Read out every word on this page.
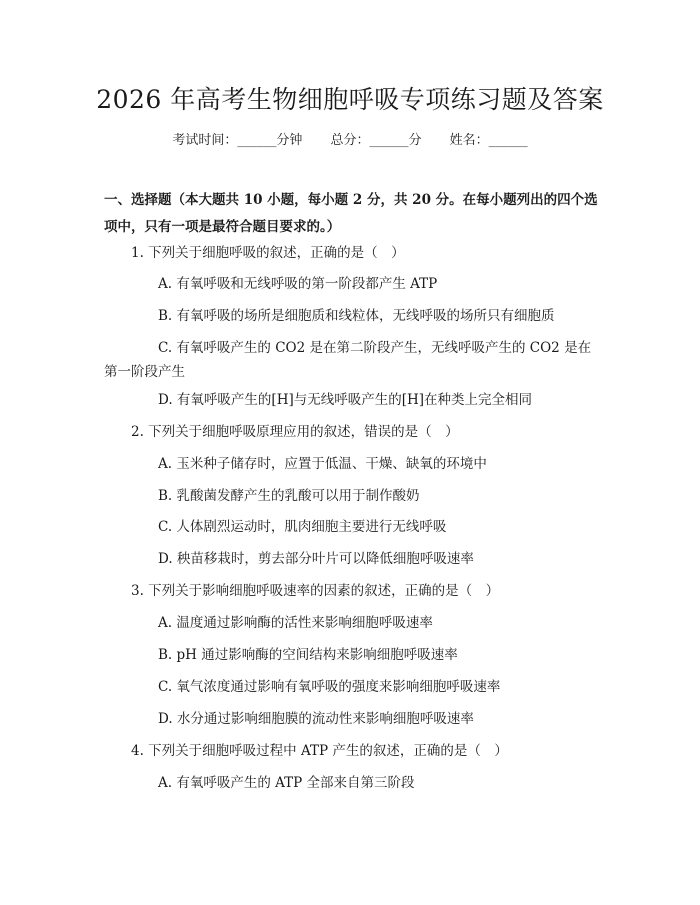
2026 年高考生物细胞呼吸专项练习题及答案
考试时间：______分钟 总分：______分 姓名：______
一、选择题（本大题共 10 小题，每小题 2 分，共 20 分。在每小题列出的四个选项中，只有一项是最符合题目要求的。）
1. 下列关于细胞呼吸的叙述，正确的是（　）
A. 有氧呼吸和无线呼吸的第一阶段都产生 ATP
B. 有氧呼吸的场所是细胞质和线粒体，无线呼吸的场所只有细胞质
C. 有氧呼吸产生的 CO2 是在第二阶段产生，无线呼吸产生的 CO2 是在第一阶段产生
D. 有氧呼吸产生的[H]与无线呼吸产生的[H]在种类上完全相同
2. 下列关于细胞呼吸原理应用的叙述，错误的是（　）
A. 玉米种子储存时，应置于低温、干燥、缺氧的环境中
B. 乳酸菌发酵产生的乳酸可以用于制作酸奶
C. 人体剧烈运动时，肌肉细胞主要进行无线呼吸
D. 秧苗移栽时，剪去部分叶片可以降低细胞呼吸速率
3. 下列关于影响细胞呼吸速率的因素的叙述，正确的是（　）
A. 温度通过影响酶的活性来影响细胞呼吸速率
B. pH 通过影响酶的空间结构来影响细胞呼吸速率
C. 氧气浓度通过影响有氧呼吸的强度来影响细胞呼吸速率
D. 水分通过影响细胞膜的流动性来影响细胞呼吸速率
4. 下列关于细胞呼吸过程中 ATP 产生的叙述，正确的是（　）
A. 有氧呼吸产生的 ATP 全部来自第三阶段
